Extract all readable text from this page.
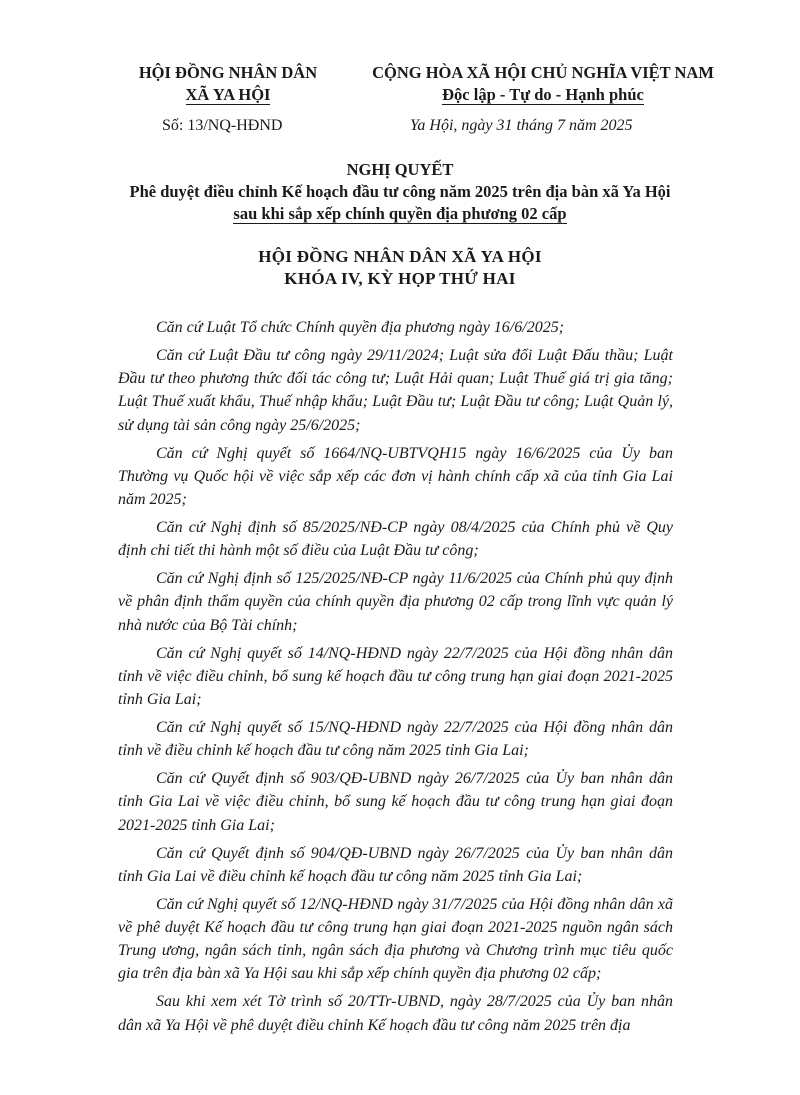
HỘI ĐỒNG NHÂN DÂN
XÃ YA HỘI
CỘNG HÒA XÃ HỘI CHỦ NGHĨA VIỆT NAM
Độc lập - Tự do - Hạnh phúc
Số: 13/NQ-HĐND	Ya Hội, ngày 31 tháng 7 năm 2025
NGHỊ QUYẾT
Phê duyệt điều chỉnh Kế hoạch đầu tư công năm 2025 trên địa bàn xã Ya Hội
sau khi sắp xếp chính quyền địa phương 02 cấp
HỘI ĐỒNG NHÂN DÂN XÃ YA HỘI
KHÓA IV, KỲ HỌP THỨ HAI

Căn cứ Luật Tổ chức Chính quyền địa phương ngày 16/6/2025;

Căn cứ Luật Đầu tư công ngày 29/11/2024; Luật sửa đổi Luật Đấu thầu; Luật Đầu tư theo phương thức đối tác công tư; Luật Hải quan; Luật Thuế giá trị gia tăng; Luật Thuế xuất khẩu, Thuế nhập khẩu; Luật Đầu tư; Luật Đầu tư công; Luật Quản lý, sử dụng tài sản công ngày 25/6/2025;

Căn cứ Nghị quyết số 1664/NQ-UBTVQH15 ngày 16/6/2025 của Ủy ban Thường vụ Quốc hội về việc sắp xếp các đơn vị hành chính cấp xã của tỉnh Gia Lai năm 2025;

Căn cứ Nghị định số 85/2025/NĐ-CP ngày 08/4/2025 của Chính phủ về Quy định chi tiết thi hành một số điều của Luật Đầu tư công;

Căn cứ Nghị định số 125/2025/NĐ-CP ngày 11/6/2025 của Chính phủ quy định về phân định thẩm quyền của chính quyền địa phương 02 cấp trong lĩnh vực quản lý nhà nước của Bộ Tài chính;

Căn cứ Nghị quyết số 14/NQ-HĐND ngày 22/7/2025 của Hội đồng nhân dân tỉnh về việc điều chỉnh, bổ sung kế hoạch đầu tư công trung hạn giai đoạn 2021-2025 tỉnh Gia Lai;

Căn cứ Nghị quyết số 15/NQ-HĐND ngày 22/7/2025 của Hội đồng nhân dân tỉnh về điều chỉnh kế hoạch đầu tư công năm 2025 tỉnh Gia Lai;

Căn cứ Quyết định số 903/QĐ-UBND ngày 26/7/2025 của Ủy ban nhân dân tỉnh Gia Lai về việc điều chỉnh, bổ sung kế hoạch đầu tư công trung hạn giai đoạn 2021-2025 tỉnh Gia Lai;

Căn cứ Quyết định số 904/QĐ-UBND ngày 26/7/2025 của Ủy ban nhân dân tỉnh Gia Lai về điều chỉnh kế hoạch đầu tư công năm 2025 tỉnh Gia Lai;

Căn cứ Nghị quyết số 12/NQ-HĐND ngày 31/7/2025 của Hội đồng nhân dân xã về phê duyệt Kế hoạch đầu tư công trung hạn giai đoạn 2021-2025 nguồn ngân sách Trung ương, ngân sách tỉnh, ngân sách địa phương và Chương trình mục tiêu quốc gia trên địa bàn xã Ya Hội sau khi sắp xếp chính quyền địa phương 02 cấp;

Sau khi xem xét Tờ trình số 20/TTr-UBND, ngày 28/7/2025 của Ủy ban nhân dân xã Ya Hội về phê duyệt điều chỉnh Kế hoạch đầu tư công năm 2025 trên địa
